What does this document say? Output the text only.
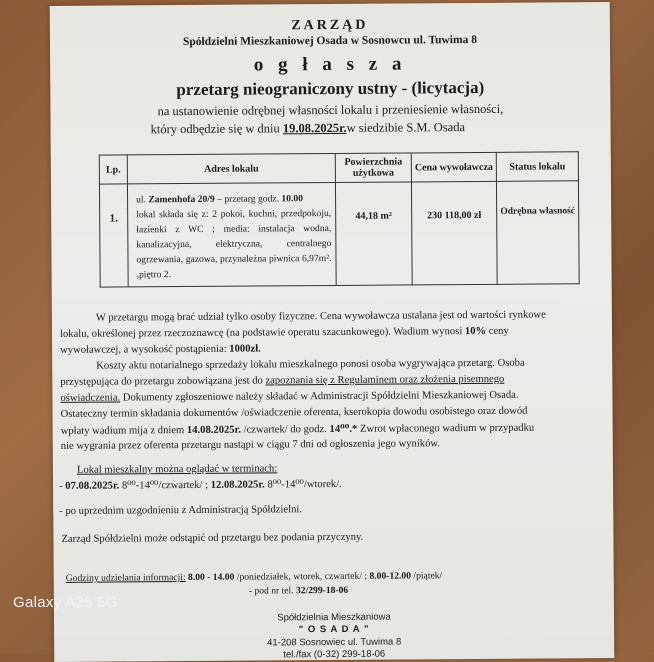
ZARZĄD
Spółdzielni Mieszkaniowej Osada w Sosnowcu ul. Tuwima 8
o g ł a s z a
przetarg nieograniczony ustny - (licytacja)
na ustanowienie odrębnej własności lokalu i przeniesienie własności,
który odbędzie się w dniu 19.08.2025r.w siedzibie S.M. Osada
Lp.	Adres lokalu	Powierzchnia użytkowa	Cena wywoławcza	Status lokalu
1.	ul. Zamenhofa 20/9 – przetarg godz. 10.00
lokal składa się z: 2 pokoi, kuchni, przedpokoju, łazienki z WC ; media: instalacja wodna, kanalizacyjna, elektryczna, centralnego ogrzewania, gazowa, przynależna piwnica 6,97m². ,piętro 2.	44,18 m²	230 118,00 zł	Odrębna własność
W przetargu mogą brać udział tylko osoby fizyczne. Cena wywoławcza ustalana jest od wartości rynkowe
lokalu, określonej przez rzeczoznawcę (na podstawie operatu szacunkowego). Wadium wynosi 10% ceny
wywoławczej, a wysokość postąpienia: 1000zł.
Koszty aktu notarialnego sprzedaży lokalu mieszkalnego ponosi osoba wygrywająca przetarg. Osoba
przystępująca do przetargu zobowiązana jest do zapoznania się z Regulaminem oraz złożenia pisemnego
oświadczenia. Dokumenty zgłoszeniowe należy składać w Administracji Spółdzielni Mieszkaniowej Osada.
Ostateczny termin składania dokumentów /oświadczenie oferenta, kserokopia dowodu osobistego oraz dowód
wpłaty wadium mija z dniem 14.08.2025r. /czwartek/ do godz. 14⁰⁰.* Zwrot wpłaconego wadium w przypadku
nie wygrania przez oferenta przetargu nastąpi w ciągu 7 dni od ogłoszenia jego wyników.
Lokal mieszkalny można oglądać w terminach:
- 07.08.2025r. 8⁰⁰-14⁰⁰/czwartek/ ; 12.08.2025r. 8⁰⁰-14⁰⁰/wtorek/.
- po uprzednim uzgodnieniu z Administracją Spółdzielni.
Zarząd Spółdzielni może odstąpić od przetargu bez podania przyczyny.
Godziny udzielania informacji: 8.00 - 14.00 /poniedziałek, wtorek, czwartek/ ; 8.00-12.00 /piątek/
- pod nr tel. 32/299-18-06
Spółdzielnia Mieszkaniowa
" O S A D A "
41-208 Sosnowiec ul. Tuwima 8
tel./fax (0-32) 299-18-06
Galaxy A25 5G
